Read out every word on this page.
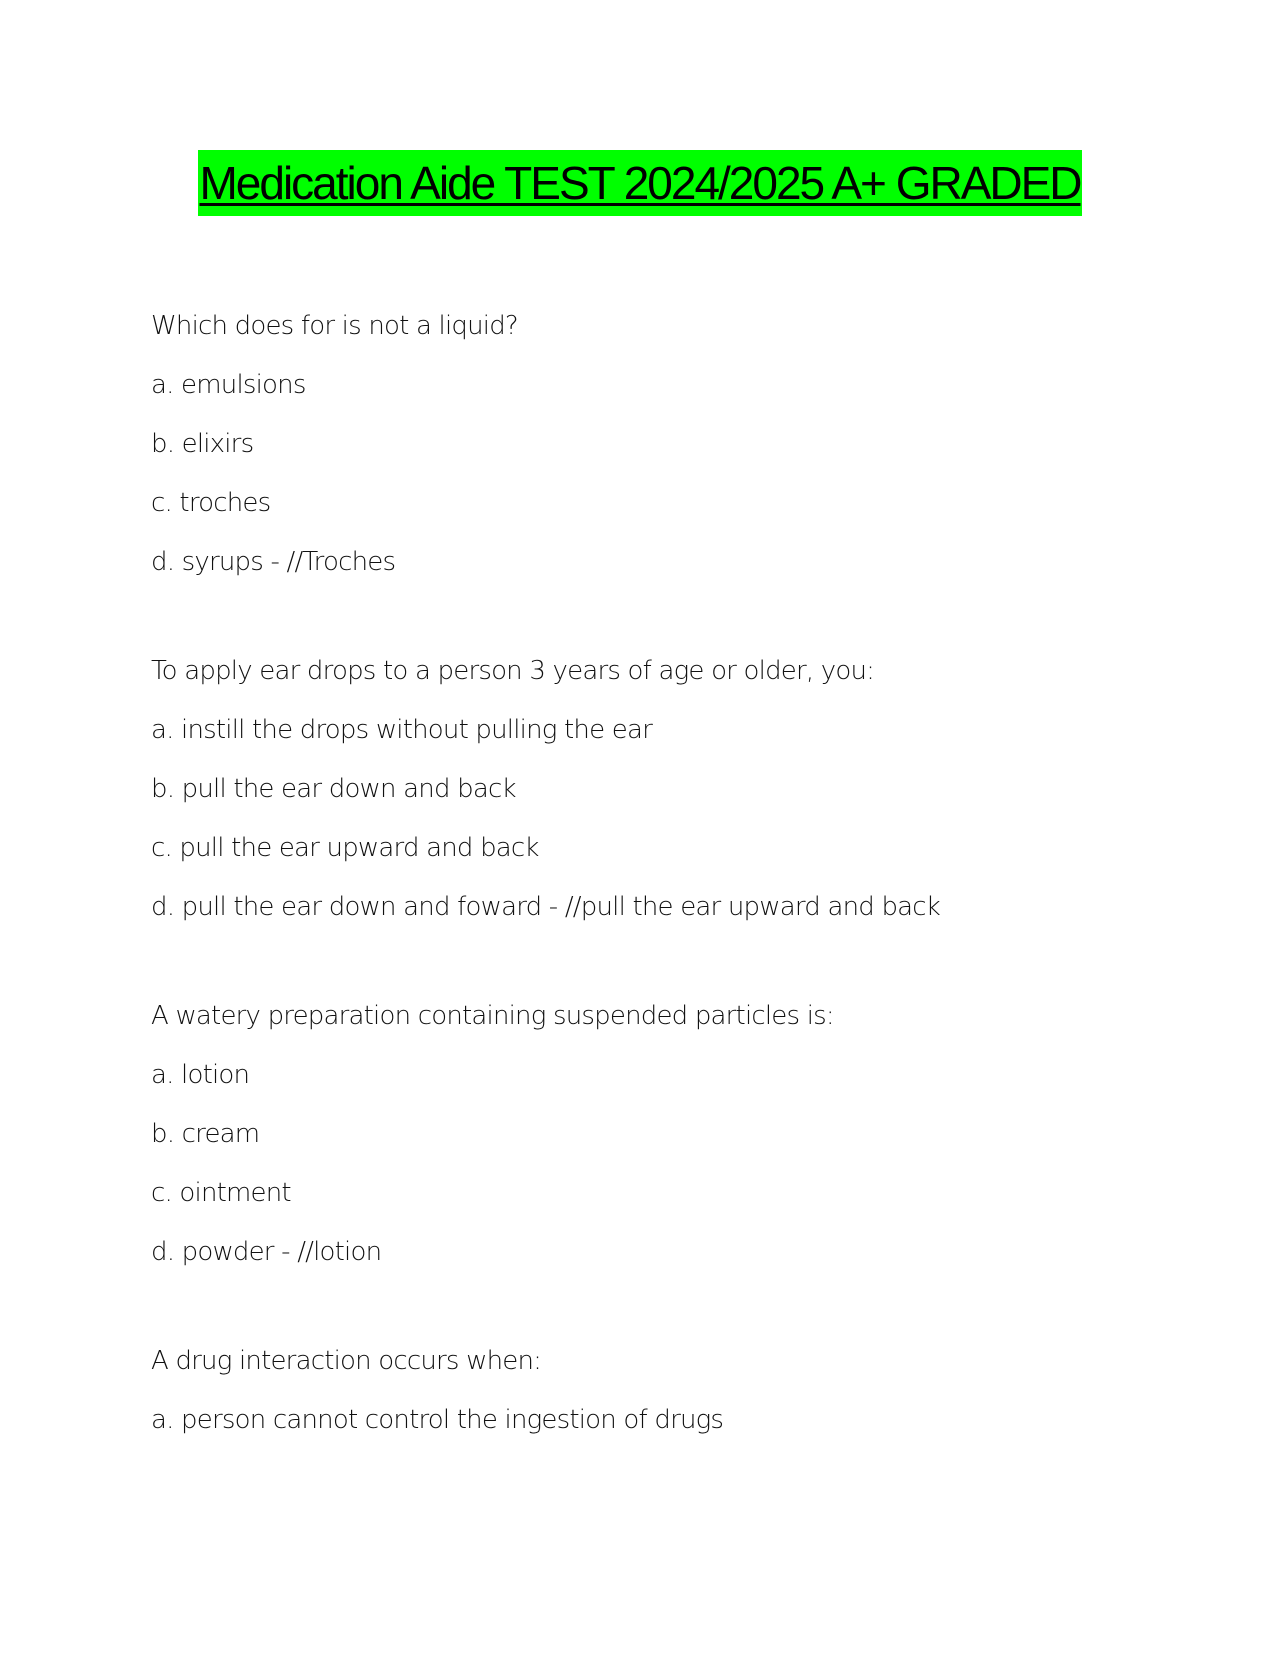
Medication Aide TEST 2024/2025 A+ GRADED
Which does for is not a liquid?
a. emulsions
b. elixirs
c. troches
d. syrups - //Troches
To apply ear drops to a person 3 years of age or older, you:
a. instill the drops without pulling the ear
b. pull the ear down and back
c. pull the ear upward and back
d. pull the ear down and foward - //pull the ear upward and back
A watery preparation containing suspended particles is:
a. lotion
b. cream
c. ointment
d. powder - //lotion
A drug interaction occurs when:
a. person cannot control the ingestion of drugs
